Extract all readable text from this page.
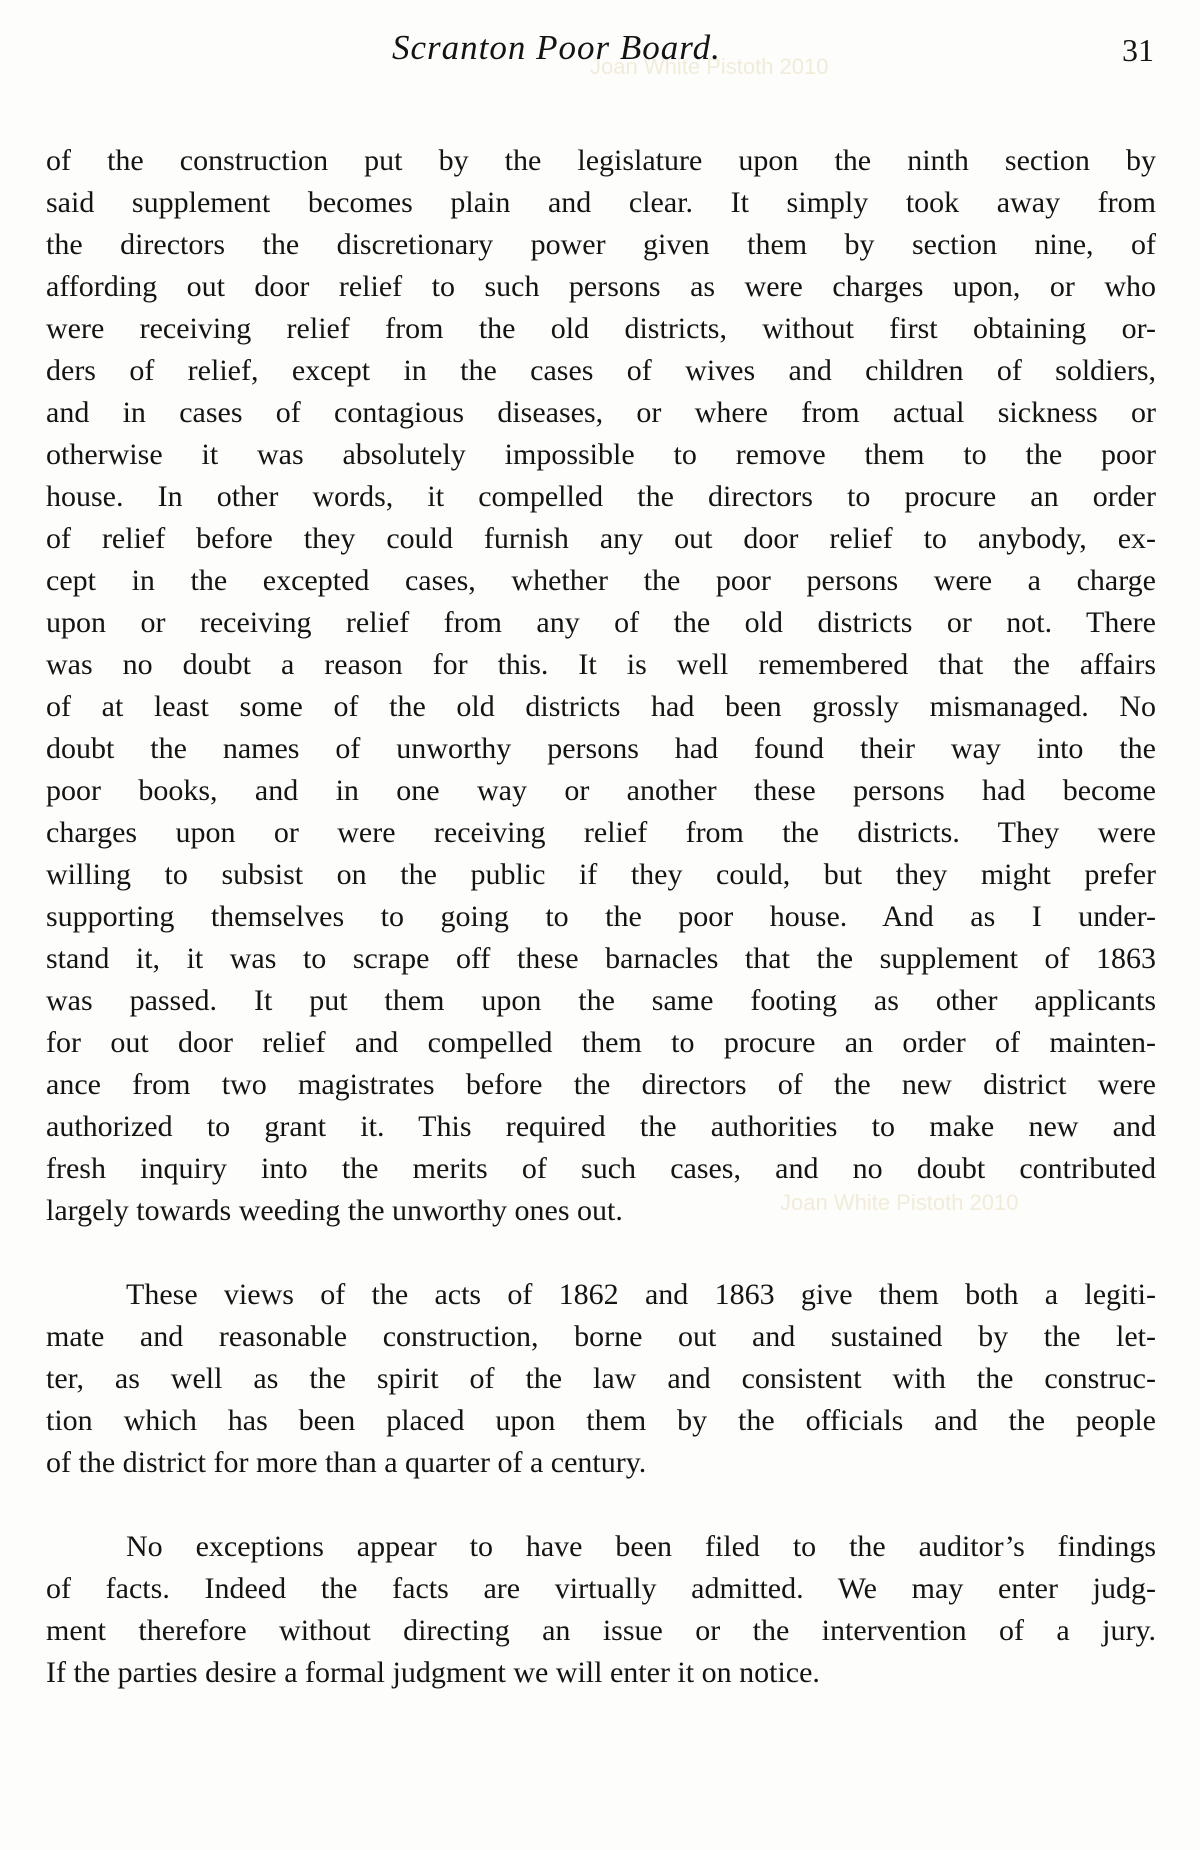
Joan White Pistoth 2010
Joan White Pistoth 2010
Scranton Poor Board.	31
of the construction put by the legislature upon the ninth section by
said supplement becomes plain and clear. It simply took away from
the directors the discretionary power given them by section nine, of
affording out door relief to such persons as were charges upon, or who
were receiving relief from the old districts, without first obtaining or-
ders of relief, except in the cases of wives and children of soldiers,
and in cases of contagious diseases, or where from actual sickness or
otherwise it was absolutely impossible to remove them to the poor
house. In other words, it compelled the directors to procure an order
of relief before they could furnish any out door relief to anybody, ex-
cept in the excepted cases, whether the poor persons were a charge
upon or receiving relief from any of the old districts or not. There
was no doubt a reason for this. It is well remembered that the affairs
of at least some of the old districts had been grossly mismanaged. No
doubt the names of unworthy persons had found their way into the
poor books, and in one way or another these persons had become
charges upon or were receiving relief from the districts. They were
willing to subsist on the public if they could, but they might prefer
supporting themselves to going to the poor house. And as I under-
stand it, it was to scrape off these barnacles that the supplement of 1863
was passed. It put them upon the same footing as other applicants
for out door relief and compelled them to procure an order of mainten-
ance from two magistrates before the directors of the new district were
authorized to grant it. This required the authorities to make new and
fresh inquiry into the merits of such cases, and no doubt contributed
largely towards weeding the unworthy ones out.
These views of the acts of 1862 and 1863 give them both a legiti-
mate and reasonable construction, borne out and sustained by the let-
ter, as well as the spirit of the law and consistent with the construc-
tion which has been placed upon them by the officials and the people
of the district for more than a quarter of a century.
No exceptions appear to have been filed to the auditor’s findings
of facts. Indeed the facts are virtually admitted. We may enter judg-
ment therefore without directing an issue or the intervention of a jury.
If the parties desire a formal judgment we will enter it on notice.
